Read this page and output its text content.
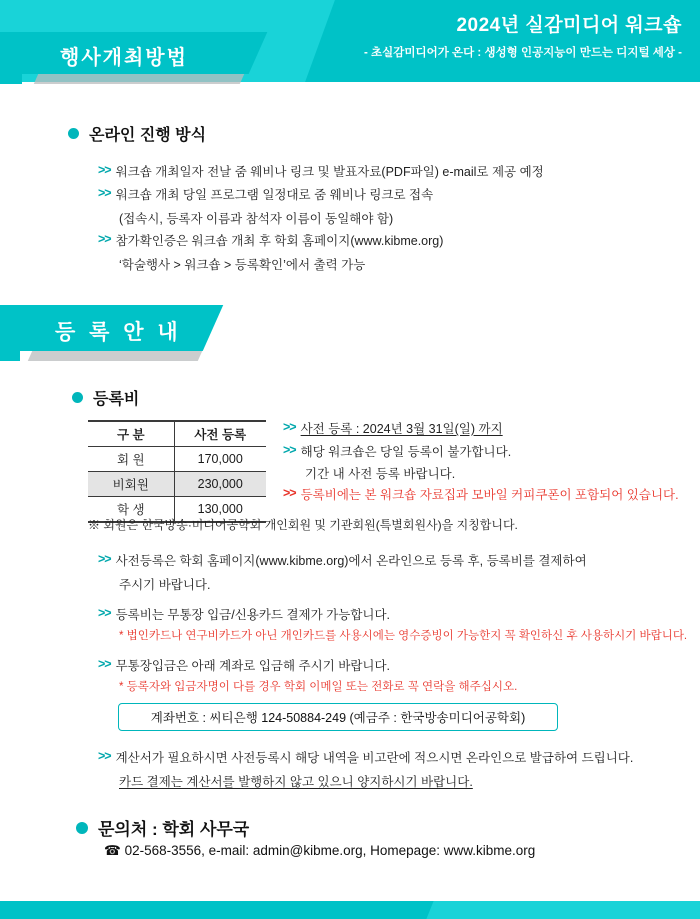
2024년 실감미디어 워크숍
- 초실감미디어가 온다 : 생성형 인공지능이 만드는 디지털 세상 -
행사개최방법
온라인 진행 방식
>> 워크숍 개최일자 전날 줌 웨비나 링크 및 발표자료(PDF파일) e-mail로 제공 예정
>> 워크숍 개최 당일 프로그램 일정대로 줌 웨비나 링크로 접속
(접속시, 등록자 이름과 참석자 이름이 동일해야 함)
>> 참가확인증은 워크숍 개최 후 학회 홈페이지(www.kibme.org)
‘학술행사 > 워크숍 > 등록확인’에서 출력 가능
등 록 안 내
등록비
구 분	사전 등록
회 원	170,000
비회원	230,000
학 생	130,000
>> 사전 등록 : 2024년 3월 31일(일) 까지
>> 해당 워크숍은 당일 등록이 불가합니다.
기간 내 사전 등록 바랍니다.
>> 등록비에는 본 워크숍 자료집과 모바일 커피쿠폰이 포함되어 있습니다.
※ 회원은 한국방송·미디어공학회 개인회원 및 기관회원(특별회원사)을 지칭합니다.
>> 사전등록은 학회 홈페이지(www.kibme.org)에서 온라인으로 등록 후, 등록비를 결제하여
주시기 바랍니다.
>> 등록비는 무통장 입금/신용카드 결제가 가능합니다.
* 법인카드나 연구비카드가 아닌 개인카드를 사용시에는 영수증빙이 가능한지 꼭 확인하신 후 사용하시기 바랍니다.
>> 무통장입금은 아래 계좌로 입금해 주시기 바랍니다.
* 등록자와 입금자명이 다를 경우 학회 이메일 또는 전화로 꼭 연락을 해주십시오.
계좌번호 : 씨티은행 124-50884-249 (예금주 : 한국방송미디어공학회)
>> 계산서가 필요하시면 사전등록시 해당 내역을 비고란에 적으시면 온라인으로 발급하여 드립니다.
카드 결제는 계산서를 발행하지 않고 있으니 양지하시기 바랍니다.
문의처 : 학회 사무국
☎ 02-568-3556, e-mail: admin@kibme.org, Homepage: www.kibme.org
